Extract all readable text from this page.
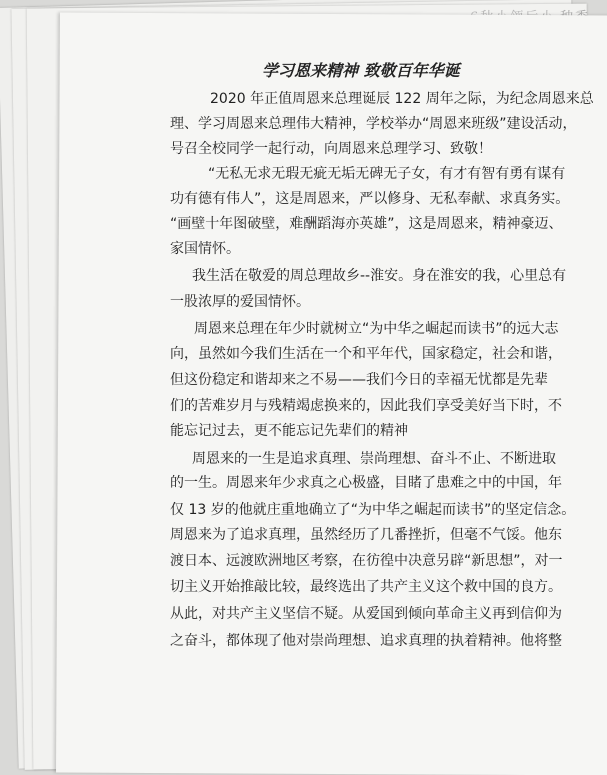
学习恩来精神 致敬百年华诞
2020 年正值周恩来总理诞辰 122 周年之际，为纪念周恩来总
理、学习周恩来总理伟大精神，学校举办“周恩来班级”建设活动，
号召全校同学一起行动，向周恩来总理学习、致敬！
“无私无求无瑕无疵无垢无碑无子女，有才有智有勇有谋有
功有德有伟人”，这是周恩来，严以修身、无私奉献、求真务实。
“画壁十年图破壁，难酬蹈海亦英雄”，这是周恩来，精神豪迈、
家国情怀。
我生活在敬爱的周总理故乡--淮安。身在淮安的我，心里总有
一股浓厚的爱国情怀。
周恩来总理在年少时就树立“为中华之崛起而读书”的远大志
向，虽然如今我们生活在一个和平年代，国家稳定，社会和谐，
但这份稳定和谐却来之不易——我们今日的幸福无忧都是先辈
们的苦难岁月与残精竭虑换来的，因此我们享受美好当下时，不
能忘记过去，更不能忘记先辈们的精神
周恩来的一生是追求真理、崇尚理想、奋斗不止、不断进取
的一生。周恩来年少求真之心极盛，目睹了患难之中的中国，年
仅 13 岁的他就庄重地确立了“为中华之崛起而读书”的坚定信念。
周恩来为了追求真理，虽然经历了几番挫折，但毫不气馁。他东
渡日本、远渡欧洲地区考察，在彷徨中决意另辟“新思想”，对一
切主义开始推敲比较，最终选出了共产主义这个救中国的良方。
从此，对共产主义坚信不疑。从爱国到倾向革命主义再到信仰为
之奋斗，都体现了他对崇尚理想、追求真理的执着精神。他将整
